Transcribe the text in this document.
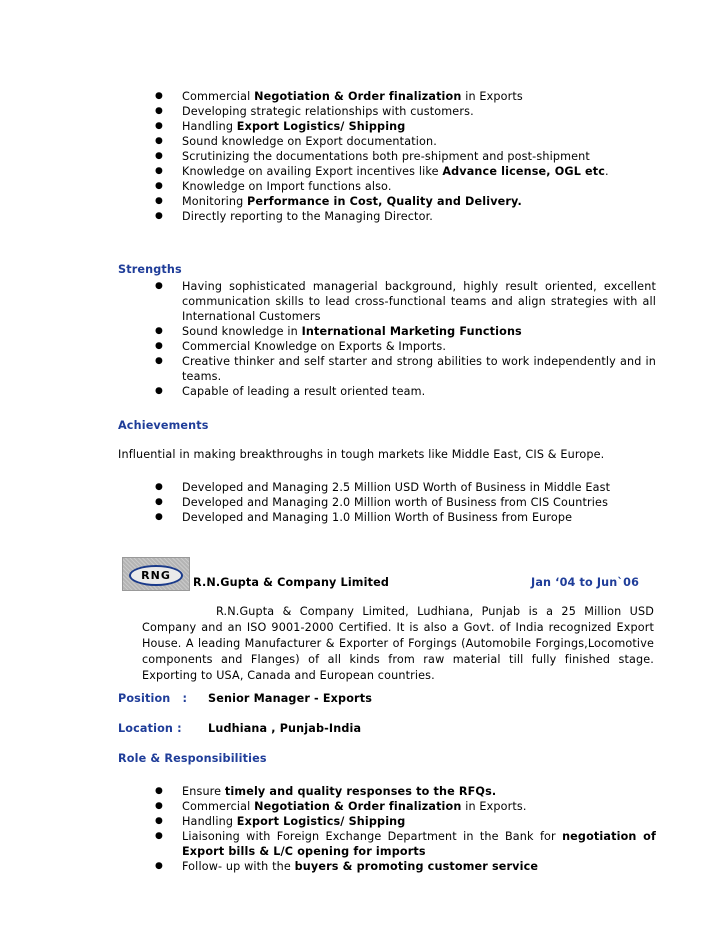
● Commercial Negotiation & Order finalization in Exports
● Developing strategic relationships with customers.
● Handling Export Logistics/ Shipping
● Sound knowledge on Export documentation.
● Scrutinizing the documentations both pre-shipment and post-shipment
● Knowledge on availing Export incentives like Advance license, OGL etc.
● Knowledge on Import functions also.
● Monitoring Performance in Cost, Quality and Delivery.
● Directly reporting to the Managing Director.
Strengths
● Having sophisticated managerial background, highly result oriented, excellent communication skills to lead cross-functional teams and align strategies with all International Customers
● Sound knowledge in International Marketing Functions
● Commercial Knowledge on Exports & Imports.
● Creative thinker and self starter and strong abilities to work independently and in teams.
● Capable of leading a result oriented team.
Achievements
Influential in making breakthroughs in tough markets like Middle East, CIS & Europe.
● Developed and Managing 2.5 Million USD Worth of Business in Middle East
● Developed and Managing 2.0 Million worth of Business from CIS Countries
● Developed and Managing 1.0 Million Worth of Business from Europe
RNG
R.N.Gupta & Company Limited	Jan ‘04 to Jun`06
R.N.Gupta & Company Limited, Ludhiana, Punjab is a 25 Million USD Company and an ISO 9001-2000 Certified. It is also a Govt. of India recognized Export House. A leading Manufacturer & Exporter of Forgings (Automobile Forgings,Locomotive components and Flanges) of all kinds from raw material till fully finished stage. Exporting to USA, Canada and European countries.
Position   : Senior Manager - Exports
Location : Ludhiana , Punjab-India
Role & Responsibilities
● Ensure timely and quality responses to the RFQs.
● Commercial Negotiation & Order finalization in Exports.
● Handling Export Logistics/ Shipping
● Liaisoning with Foreign Exchange Department in the Bank for negotiation of Export bills & L/C opening for imports
● Follow- up with the buyers & promoting customer service
